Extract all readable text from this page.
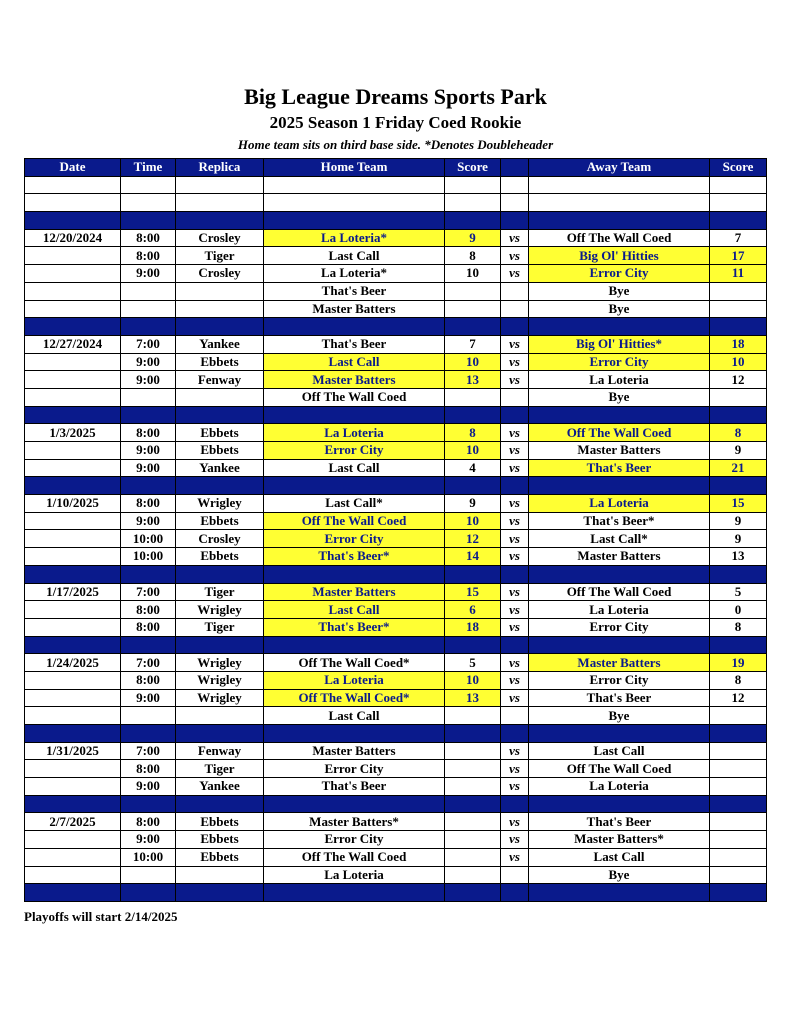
Big League Dreams Sports Park
2025 Season 1 Friday Coed Rookie
Home team sits on third base side. *Denotes Doubleheader
Date	Time	Replica	Home Team	Score		Away Team	Score

12/20/2024	8:00	Crosley	La Loteria*	9	vs	Off The Wall Coed	7
	8:00	Tiger	Last Call	8	vs	Big Ol' Hitties	17
	9:00	Crosley	La Loteria*	10	vs	Error City	11
			That's Beer			Bye	
			Master Batters			Bye	

12/27/2024	7:00	Yankee	That's Beer	7	vs	Big Ol' Hitties*	18
	9:00	Ebbets	Last Call	10	vs	Error City	10
	9:00	Fenway	Master Batters	13	vs	La Loteria	12
			Off The Wall Coed			Bye	

1/3/2025	8:00	Ebbets	La Loteria	8	vs	Off The Wall Coed	8
	9:00	Ebbets	Error City	10	vs	Master Batters	9
	9:00	Yankee	Last Call	4	vs	That's Beer	21

1/10/2025	8:00	Wrigley	Last Call*	9	vs	La Loteria	15
	9:00	Ebbets	Off The Wall Coed	10	vs	That's Beer*	9
	10:00	Crosley	Error City	12	vs	Last Call*	9
	10:00	Ebbets	That's Beer*	14	vs	Master Batters	13

1/17/2025	7:00	Tiger	Master Batters	15	vs	Off The Wall Coed	5
	8:00	Wrigley	Last Call	6	vs	La Loteria	0
	8:00	Tiger	That's Beer*	18	vs	Error City	8

1/24/2025	7:00	Wrigley	Off The Wall Coed*	5	vs	Master Batters	19
	8:00	Wrigley	La Loteria	10	vs	Error City	8
	9:00	Wrigley	Off The Wall Coed*	13	vs	That's Beer	12
			Last Call			Bye	

1/31/2025	7:00	Fenway	Master Batters		vs	Last Call	
	8:00	Tiger	Error City		vs	Off The Wall Coed	
	9:00	Yankee	That's Beer		vs	La Loteria	

2/7/2025	8:00	Ebbets	Master Batters*		vs	That's Beer	
	9:00	Ebbets	Error City		vs	Master Batters*	
	10:00	Ebbets	Off The Wall Coed		vs	Last Call	
			La Loteria			Bye	

Playoffs will start 2/14/2025
